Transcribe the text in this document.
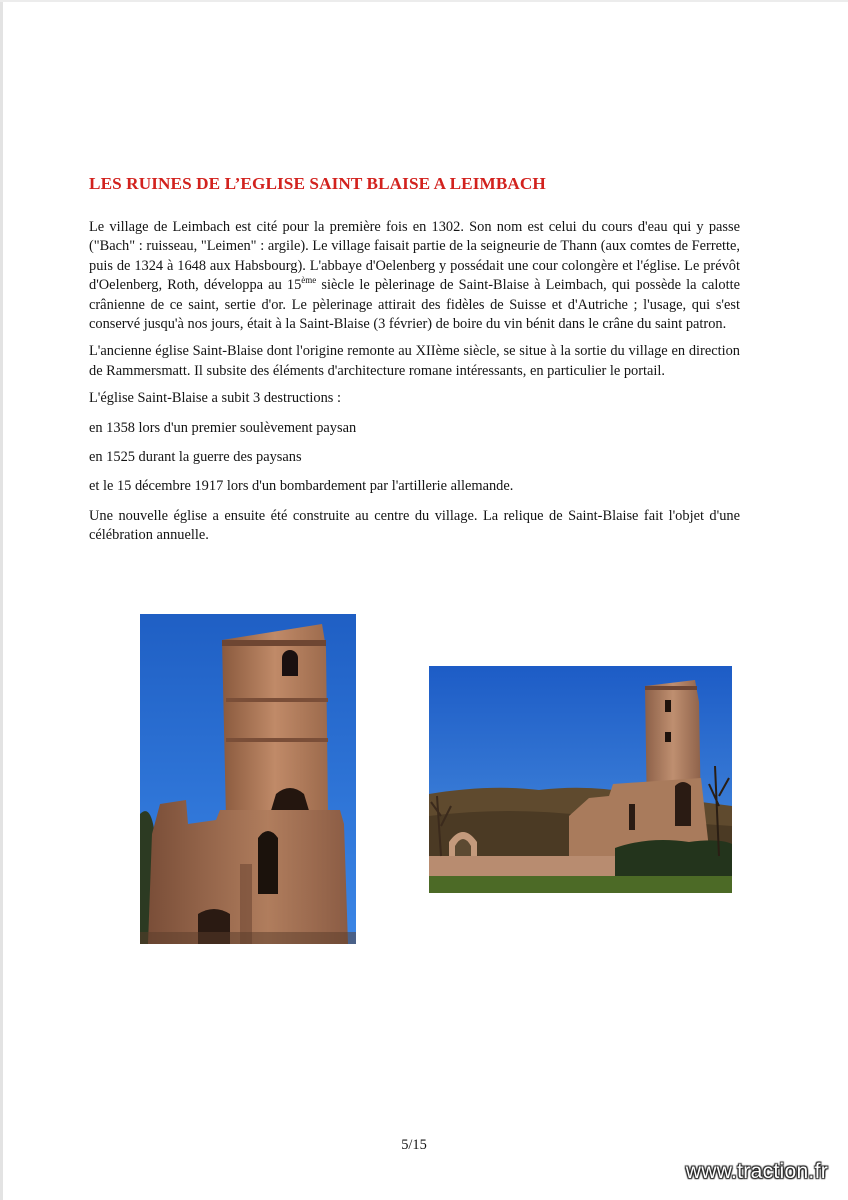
LES RUINES DE L’EGLISE SAINT BLAISE A LEIMBACH

Le village de Leimbach est cité pour la première fois en 1302. Son nom est celui du cours d'eau qui y passe ("Bach" : ruisseau, "Leimen" : argile). Le village faisait partie de la seigneurie de Thann (aux comtes de Ferrette, puis de 1324 à 1648 aux Habsbourg). L'abbaye d'Oelenberg y possédait une cour colongère et l'église. Le prévôt d'Oelenberg, Roth, développa au 15ème siècle le pèlerinage de Saint-Blaise à Leimbach, qui possède la calotte crânienne de ce saint, sertie d'or. Le pèlerinage attirait des fidèles de Suisse et d'Autriche ; l'usage, qui s'est conservé jusqu'à nos jours, était à la Saint-Blaise (3 février) de boire du vin bénit dans le crâne du saint patron.

L'ancienne église Saint-Blaise dont l'origine remonte au XIIème siècle, se situe à la sortie du village en direction de Rammersmatt. Il subsite des éléments d'architecture romane intéressants, en particulier le portail.

L'église Saint-Blaise a subit 3 destructions :

en 1358 lors d'un premier soulèvement paysan

en 1525 durant la guerre des paysans

et le 15 décembre 1917 lors d'un bombardement par l'artillerie allemande.

Une nouvelle église a ensuite été construite au centre du village. La relique de Saint-Blaise fait l'objet d'une célébration annuelle.

5/15
www.traction.fr
